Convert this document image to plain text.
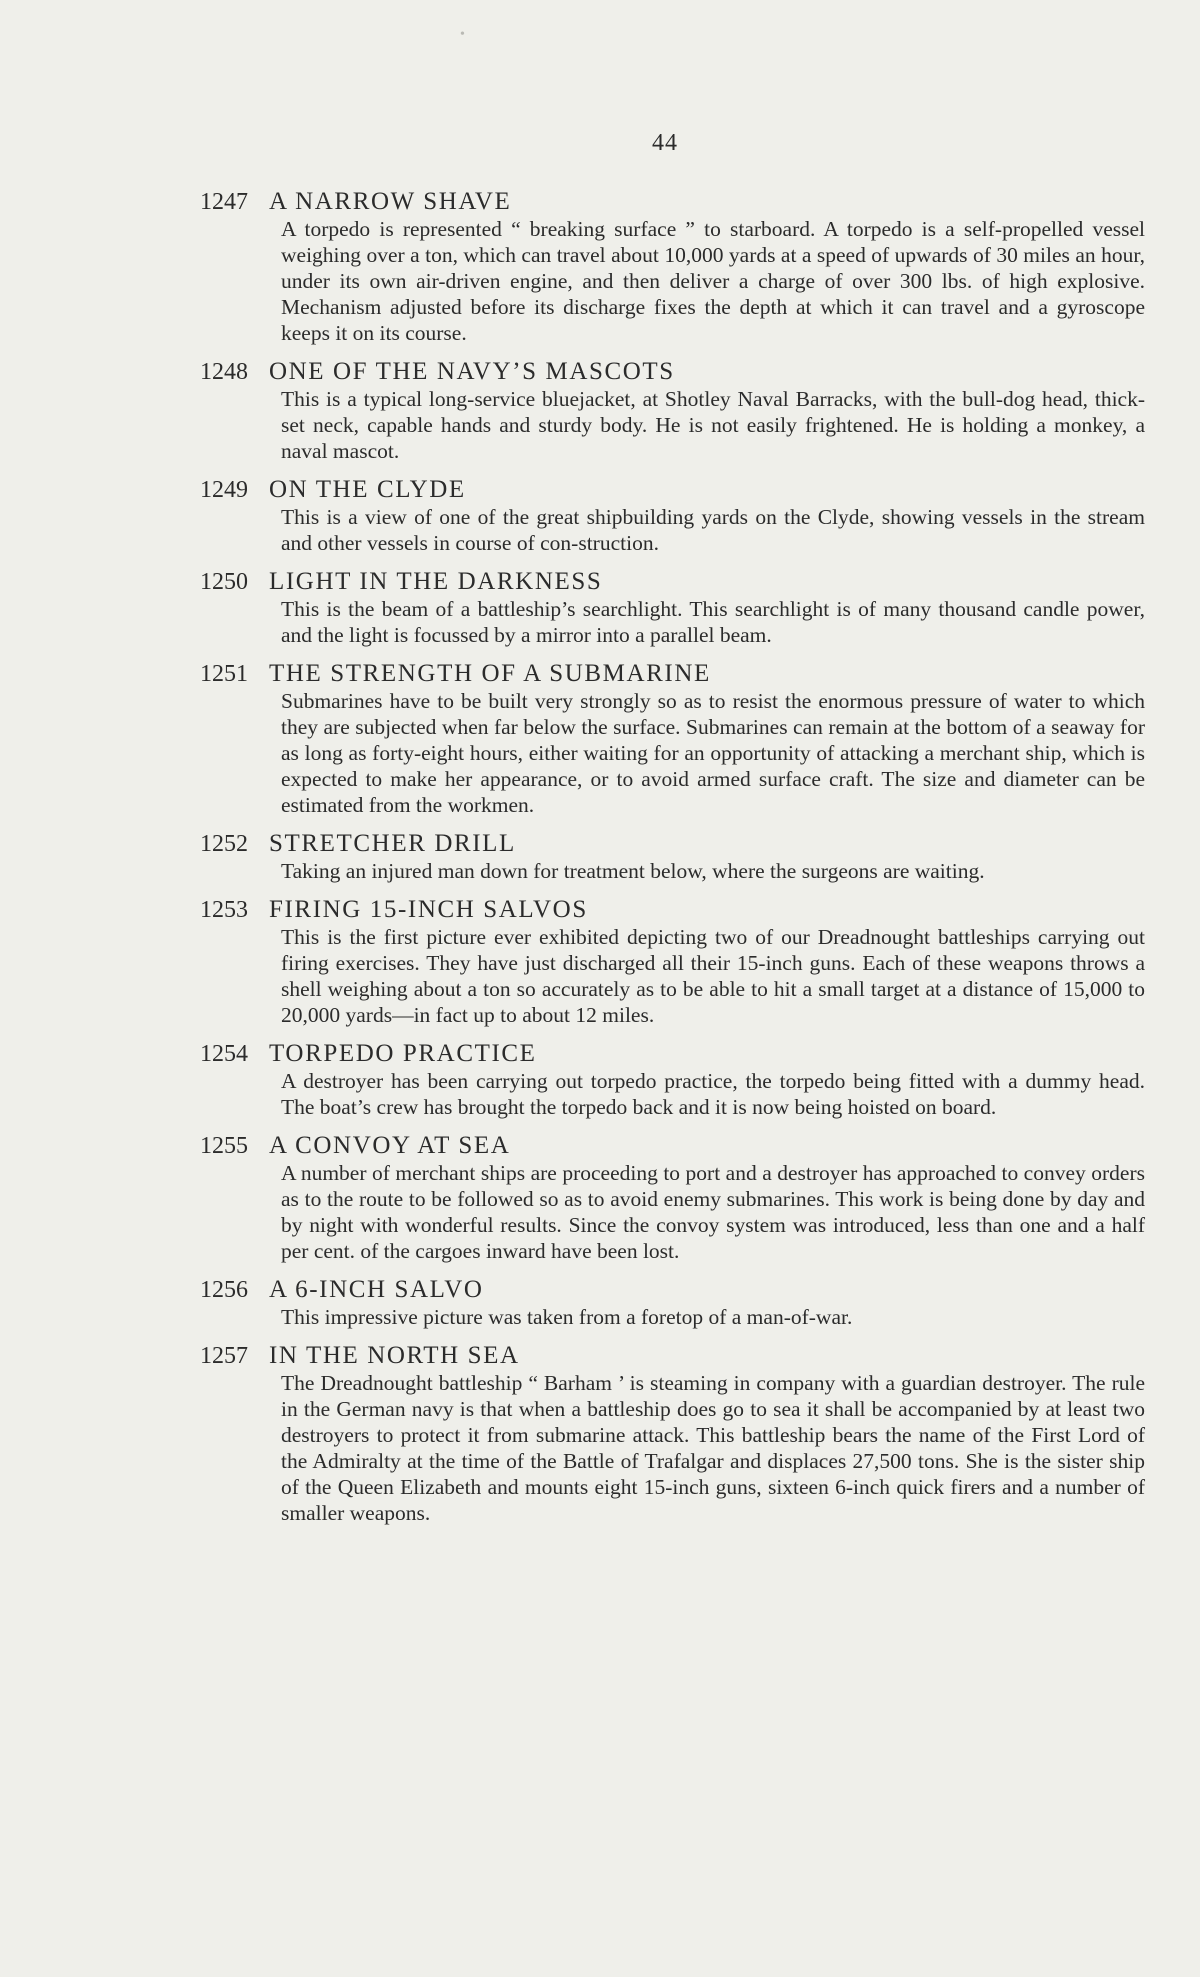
•
44
1247 A NARROW SHAVE
A torpedo is represented “ breaking surface ” to starboard. A torpedo is a self-propelled vessel weighing over a ton, which can travel about 10,000 yards at a speed of upwards of 30 miles an hour, under its own air-driven engine, and then deliver a charge of over 300 lbs. of high explosive. Mechanism adjusted before its discharge fixes the depth at which it can travel and a gyroscope keeps it on its course.
1248 ONE OF THE NAVY’S MASCOTS
This is a typical long-service bluejacket, at Shotley Naval Barracks, with the bull-dog head, thick-set neck, capable hands and sturdy body. He is not easily frightened. He is holding a monkey, a naval mascot.
1249 ON THE CLYDE
This is a view of one of the great shipbuilding yards on the Clyde, showing vessels in the stream and other vessels in course of con-struction.
1250 LIGHT IN THE DARKNESS
This is the beam of a battleship’s searchlight. This searchlight is of many thousand candle power, and the light is focussed by a mirror into a parallel beam.
1251 THE STRENGTH OF A SUBMARINE
Submarines have to be built very strongly so as to resist the enormous pressure of water to which they are subjected when far below the surface. Submarines can remain at the bottom of a seaway for as long as forty-eight hours, either waiting for an opportunity of attacking a merchant ship, which is expected to make her appearance, or to avoid armed surface craft. The size and diameter can be estimated from the workmen.
1252 STRETCHER DRILL
Taking an injured man down for treatment below, where the surgeons are waiting.
1253 FIRING 15-INCH SALVOS
This is the first picture ever exhibited depicting two of our Dreadnought battleships carrying out firing exercises. They have just discharged all their 15-inch guns. Each of these weapons throws a shell weighing about a ton so accurately as to be able to hit a small target at a distance of 15,000 to 20,000 yards—in fact up to about 12 miles.
1254 TORPEDO PRACTICE
A destroyer has been carrying out torpedo practice, the torpedo being fitted with a dummy head. The boat’s crew has brought the torpedo back and it is now being hoisted on board.
1255 A CONVOY AT SEA
A number of merchant ships are proceeding to port and a destroyer has approached to convey orders as to the route to be followed so as to avoid enemy submarines. This work is being done by day and by night with wonderful results. Since the convoy system was introduced, less than one and a half per cent. of the cargoes inward have been lost.
1256 A 6-INCH SALVO
This impressive picture was taken from a foretop of a man-of-war.
1257 IN THE NORTH SEA
The Dreadnought battleship “ Barham ’ is steaming in company with a guardian destroyer. The rule in the German navy is that when a battleship does go to sea it shall be accompanied by at least two destroyers to protect it from submarine attack. This battleship bears the name of the First Lord of the Admiralty at the time of the Battle of Trafalgar and displaces 27,500 tons. She is the sister ship of the Queen Elizabeth and mounts eight 15-inch guns, sixteen 6-inch quick firers and a number of smaller weapons.
